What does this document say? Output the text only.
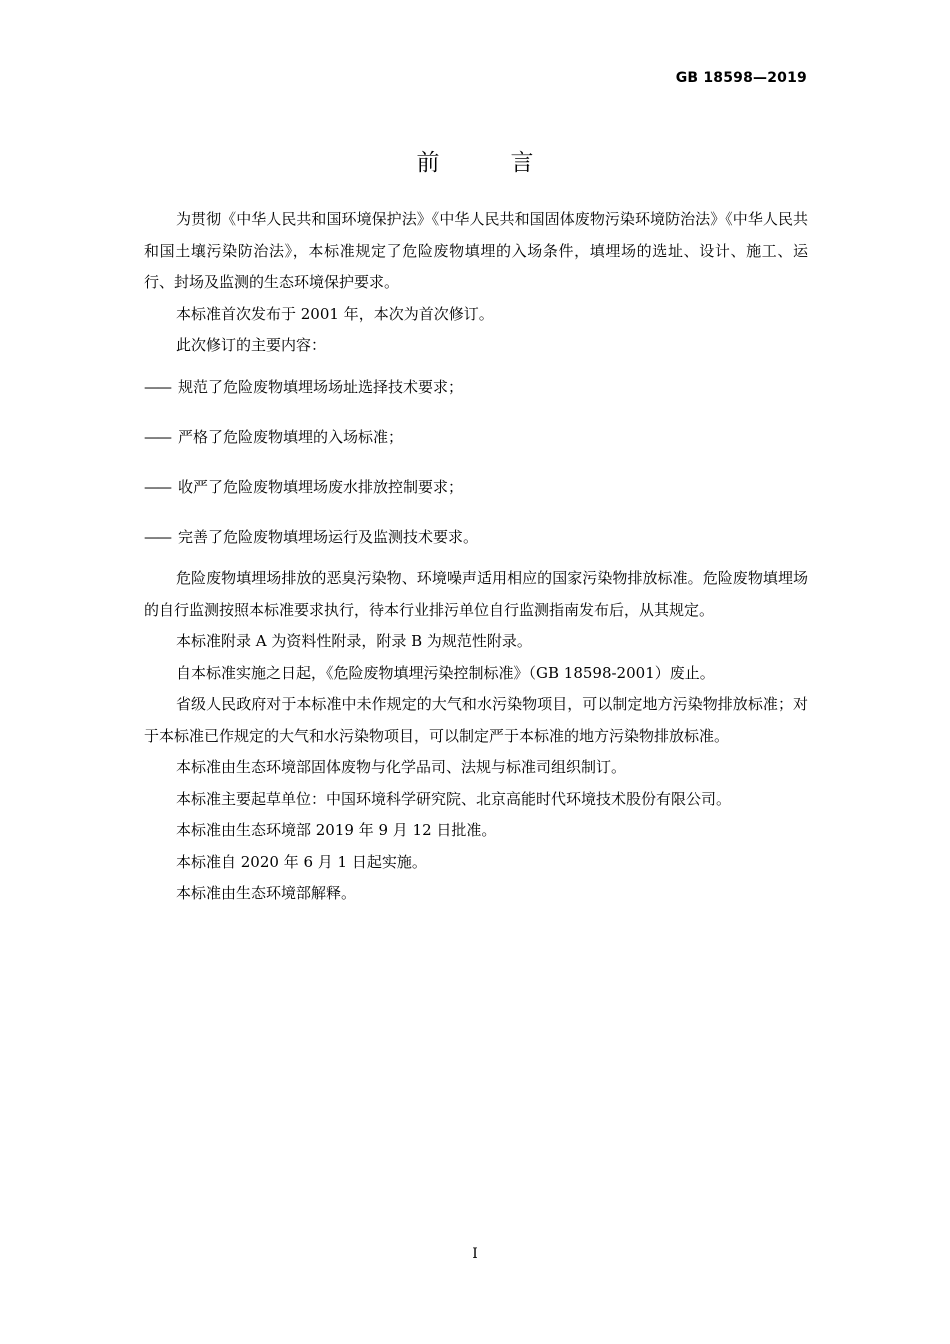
GB 18598—2019
前　言

为贯彻《中华人民共和国环境保护法》《中华人民共和国固体废物污染环境防治法》《中华人民共和国土壤污染防治法》，本标准规定了危险废物填埋的入场条件，填埋场的选址、设计、施工、运行、封场及监测的生态环境保护要求。

本标准首次发布于 2001 年，本次为首次修订。

此次修订的主要内容：

—— 规范了危险废物填埋场场址选择技术要求；
—— 严格了危险废物填埋的入场标准；
—— 收严了危险废物填埋场废水排放控制要求；
—— 完善了危险废物填埋场运行及监测技术要求。

危险废物填埋场排放的恶臭污染物、环境噪声适用相应的国家污染物排放标准。危险废物填埋场的自行监测按照本标准要求执行，待本行业排污单位自行监测指南发布后，从其规定。

本标准附录 A 为资料性附录，附录 B 为规范性附录。

自本标准实施之日起，《危险废物填埋污染控制标准》（GB 18598-2001）废止。

省级人民政府对于本标准中未作规定的大气和水污染物项目，可以制定地方污染物排放标准；对于本标准已作规定的大气和水污染物项目，可以制定严于本标准的地方污染物排放标准。

本标准由生态环境部固体废物与化学品司、法规与标准司组织制订。

本标准主要起草单位：中国环境科学研究院、北京高能时代环境技术股份有限公司。

本标准由生态环境部 2019 年 9 月 12 日批准。

本标准自 2020 年 6 月 1 日起实施。

本标准由生态环境部解释。

I
